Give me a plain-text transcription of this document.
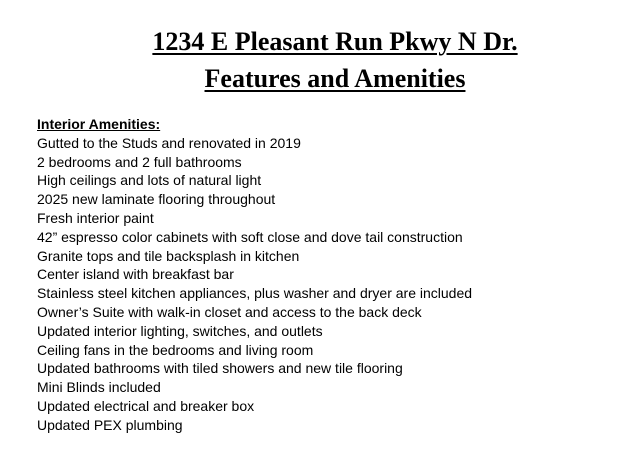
1234 E Pleasant Run Pkwy N Dr.
Features and Amenities
Interior Amenities:
Gutted to the Studs and renovated in 2019
2 bedrooms and 2 full bathrooms
High ceilings and lots of natural light
2025 new laminate flooring throughout
Fresh interior paint
42” espresso color cabinets with soft close and dove tail construction
Granite tops and tile backsplash in kitchen
Center island with breakfast bar
Stainless steel kitchen appliances, plus washer and dryer are included
Owner’s Suite with walk-in closet and access to the back deck
Updated interior lighting, switches, and outlets
Ceiling fans in the bedrooms and living room
Updated bathrooms with tiled showers and new tile flooring
Mini Blinds included
Updated electrical and breaker box
Updated PEX plumbing
